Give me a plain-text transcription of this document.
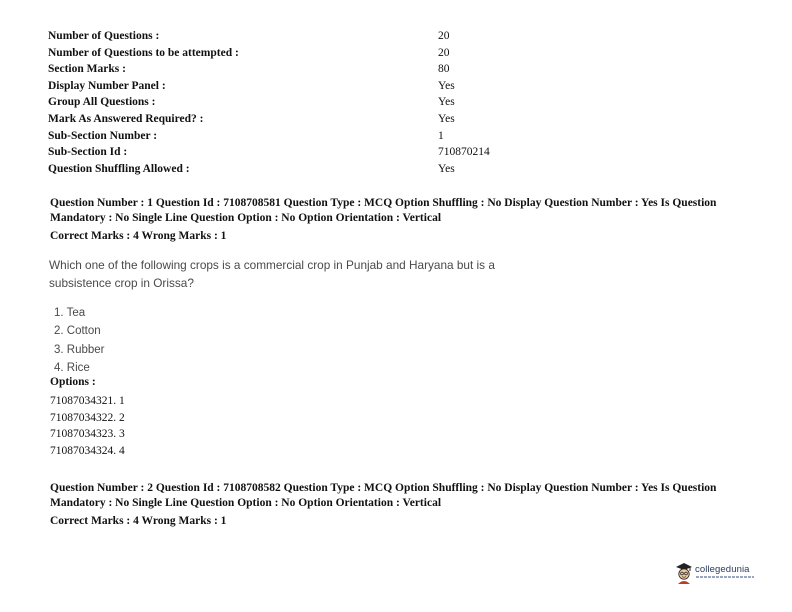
Number of Questions :	20
Number of Questions to be attempted :	20
Section Marks :	80
Display Number Panel :	Yes
Group All Questions :	Yes
Mark As Answered Required? :	Yes
Sub-Section Number :	1
Sub-Section Id :	710870214
Question Shuffling Allowed :	Yes
Question Number : 1 Question Id : 7108708581 Question Type : MCQ Option Shuffling : No Display Question Number : Yes Is Question
Mandatory : No Single Line Question Option : No Option Orientation : Vertical
Correct Marks : 4 Wrong Marks : 1
Which one of the following crops is a commercial crop in Punjab and Haryana but is a
subsistence crop in Orissa?
1. Tea
2. Cotton
3. Rubber
4. Rice
Options :
71087034321. 1
71087034322. 2
71087034323. 3
71087034324. 4
Question Number : 2 Question Id : 7108708582 Question Type : MCQ Option Shuffling : No Display Question Number : Yes Is Question
Mandatory : No Single Line Question Option : No Option Orientation : Vertical
Correct Marks : 4 Wrong Marks : 1
collegedunia
